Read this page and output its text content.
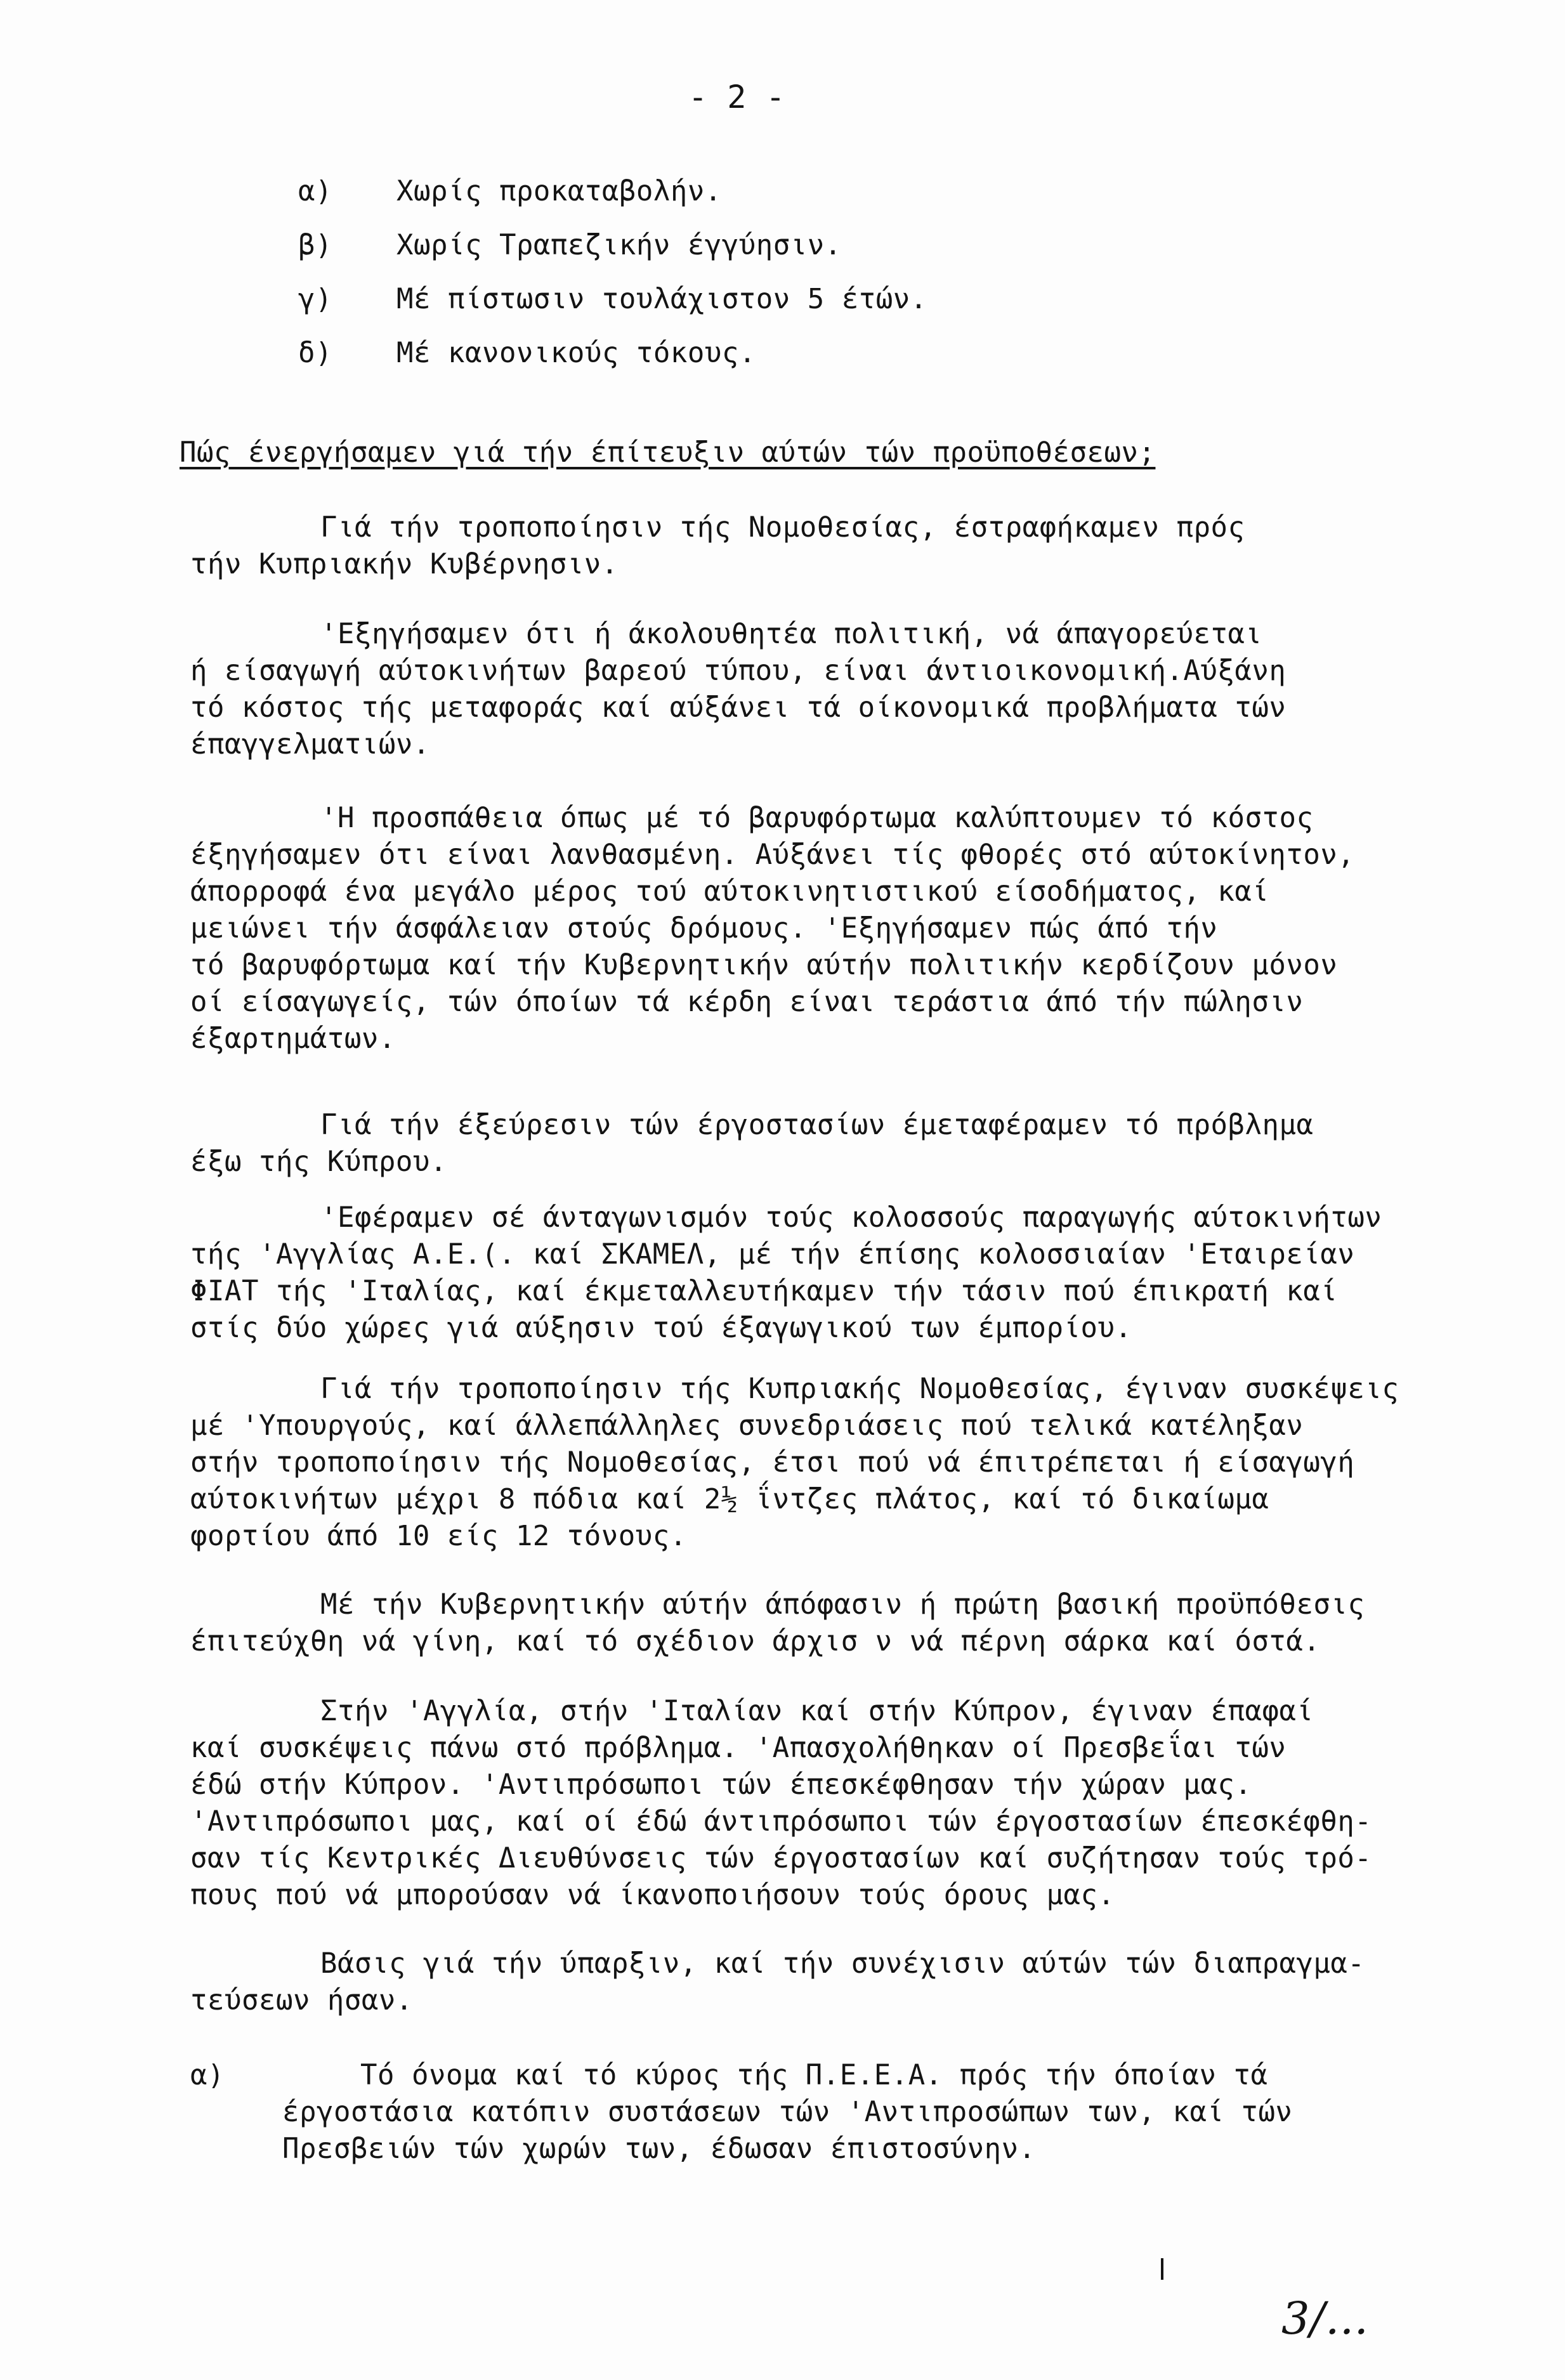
- 2 -
α) Χωρίς προκαταβολήν.
β) Χωρίς Τραπεζικήν έγγύησιν.
γ) Μέ πίστωσιν τουλάχιστον 5 έτών.
δ) Μέ κανονικούς τόκους.
Πώς ένεργήσαμεν γιά τήν έπίτευξιν αύτών τών προϋποθέσεων;
Γιά τήν τροποποίησιν τής Νομοθεσίας, έστραφήκαμεν πρός
τήν Κυπριακήν Κυβέρνησιν.
'Εξηγήσαμεν ότι ή άκολουθητέα πολιτική, νά άπαγορεύεται
ή είσαγωγή αύτοκινήτων βαρεού τύπου, είναι άντιοικονομική.Αύξάνη
τό κόστος τής μεταφοράς καί αύξάνει τά οίκονομικά προβλήματα τών
έπαγγελματιών.
'Η προσπάθεια όπως μέ τό βαρυφόρτωμα καλύπτουμεν τό κόστος
έξηγήσαμεν ότι είναι λανθασμένη. Αύξάνει τίς φθορές στό αύτοκίνητον,
άπορροφά ένα μεγάλο μέρος τού αύτοκινητιστικού είσοδήματος, καί
μειώνει τήν άσφάλειαν στούς δρόμους. 'Εξηγήσαμεν πώς άπό τήν
τό βαρυφόρτωμα καί τήν Κυβερνητικήν αύτήν πολιτικήν κερδίζουν μόνον
οί είσαγωγείς, τών όποίων τά κέρδη είναι τεράστια άπό τήν πώλησιν
έξαρτημάτων.
Γιά τήν έξεύρεσιν τών έργοστασίων έμεταφέραμεν τό πρόβλημα
έξω τής Κύπρου.
'Εφέραμεν σέ άνταγωνισμόν τούς κολοσσούς παραγωγής αύτοκινήτων
τής 'Αγγλίας Α.Ε.(. καί ΣΚΑΜΕΛ, μέ τήν έπίσης κολοσσιαίαν 'Εταιρείαν
ΦΙΑΤ τής 'Ιταλίας, καί έκμεταλλευτήκαμεν τήν τάσιν πού έπικρατή καί
στίς δύο χώρες γιά αύξησιν τού έξαγωγικού των έμπορίου.
Γιά τήν τροποποίησιν τής Κυπριακής Νομοθεσίας, έγιναν συσκέψεις
μέ 'Υπουργούς, καί άλλεπάλληλες συνεδριάσεις πού τελικά κατέληξαν
στήν τροποποίησιν τής Νομοθεσίας, έτσι πού νά έπιτρέπεται ή είσαγωγή
αύτοκινήτων μέχρι 8 πόδια καί 2½ ΐντζες πλάτος, καί τό δικαίωμα
φορτίου άπό 10 είς 12 τόνους.
Μέ τήν Κυβερνητικήν αύτήν άπόφασιν ή πρώτη βασική προϋπόθεσις
έπιτεύχθη νά γίνη, καί τό σχέδιον άρχισ ν νά πέρνη σάρκα καί όστά.
Στήν 'Αγγλία, στήν 'Ιταλίαν καί στήν Κύπρον, έγιναν έπαφαί
καί συσκέψεις πάνω στό πρόβλημα. 'Απασχολήθηκαν οί Πρεσβεΐαι τών
έδώ στήν Κύπρον. 'Αντιπρόσωποι τών έπεσκέφθησαν τήν χώραν μας.
'Αντιπρόσωποι μας, καί οί έδώ άντιπρόσωποι τών έργοστασίων έπεσκέφθη-
σαν τίς Κεντρικές Διευθύνσεις τών έργοστασίων καί συζήτησαν τούς τρό-
πους πού νά μπορούσαν νά ίκανοποιήσουν τούς όρους μας.
Βάσις γιά τήν ύπαρξιν, καί τήν συνέχισιν αύτών τών διαπραγμα-
τεύσεων ήσαν.
α)	Τό όνομα καί τό κύρος τής Π.Ε.Ε.Α. πρός τήν όποίαν τά
έργοστάσια κατόπιν συστάσεων τών 'Αντιπροσώπων των, καί τών
Πρεσβειών τών χωρών των, έδωσαν έπιστοσύνην.
3/...
